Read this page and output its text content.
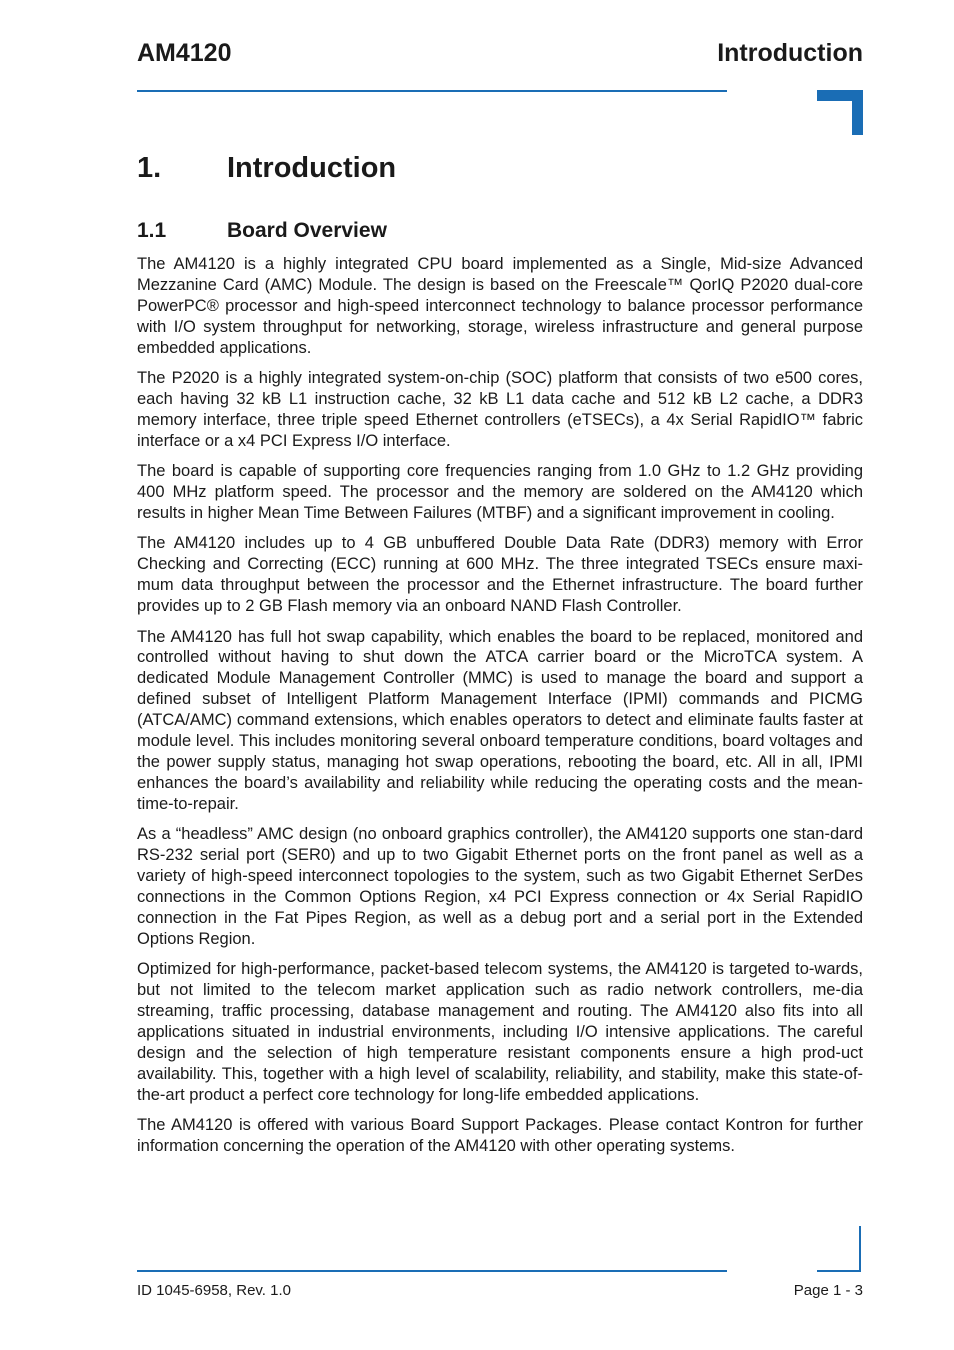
AM4120	Introduction
1. Introduction
1.1	Board Overview

The AM4120 is a highly integrated CPU board implemented as a Single, Mid-size Advanced Mezzanine Card (AMC) Module. The design is based on the Freescale™ QorIQ P2020 dual-core PowerPC® processor and high-speed interconnect technology to balance processor performance with I/O system throughput for networking, storage, wireless infrastructure and general purpose embedded applications.

The P2020 is a highly integrated system-on-chip (SOC) platform that consists of two e500 cores, each having 32 kB L1 instruction cache, 32 kB L1 data cache and 512 kB L2 cache, a DDR3 memory interface, three triple speed Ethernet controllers (eTSECs), a 4x Serial RapidIO™ fabric interface or a x4 PCI Express I/O interface.

The board is capable of supporting core frequencies ranging from 1.0 GHz to 1.2 GHz providing 400 MHz platform speed. The processor and the memory are soldered on the AM4120 which results in higher Mean Time Between Failures (MTBF) and a significant improvement in cooling.

The AM4120 includes up to 4 GB unbuffered Double Data Rate (DDR3) memory with Error Checking and Correcting (ECC) running at 600 MHz. The three integrated TSECs ensure maxi-mum data throughput between the processor and the Ethernet infrastructure. The board further provides up to 2 GB Flash memory via an onboard NAND Flash Controller.

The AM4120 has full hot swap capability, which enables the board to be replaced, monitored and controlled without having to shut down the ATCA carrier board or the MicroTCA system. A dedicated Module Management Controller (MMC) is used to manage the board and support a defined subset of Intelligent Platform Management Interface (IPMI) commands and PICMG (ATCA/AMC) command extensions, which enables operators to detect and eliminate faults faster at module level. This includes monitoring several onboard temperature conditions, board voltages and the power supply status, managing hot swap operations, rebooting the board, etc. All in all, IPMI enhances the board’s availability and reliability while reducing the operating costs and the mean-time-to-repair.

As a “headless” AMC design (no onboard graphics controller), the AM4120 supports one stan-dard RS-232 serial port (SER0) and up to two Gigabit Ethernet ports on the front panel as well as a variety of high-speed interconnect topologies to the system, such as two Gigabit Ethernet SerDes connections in the Common Options Region, x4 PCI Express connection or 4x Serial RapidIO connection in the Fat Pipes Region, as well as a debug port and a serial port in the Extended Options Region.

Optimized for high-performance, packet-based telecom systems, the AM4120 is targeted to-wards, but not limited to the telecom market application such as radio network controllers, me-dia streaming, traffic processing, database management and routing. The AM4120 also fits into all applications situated in industrial environments, including I/O intensive applications. The careful design and the selection of high temperature resistant components ensure a high prod-uct availability. This, together with a high level of scalability, reliability, and stability, make this state-of-the-art product a perfect core technology for long-life embedded applications.

The AM4120 is offered with various Board Support Packages. Please contact Kontron for further information concerning the operation of the AM4120 with other operating systems.

ID 1045-6958, Rev. 1.0	Page 1 - 3
